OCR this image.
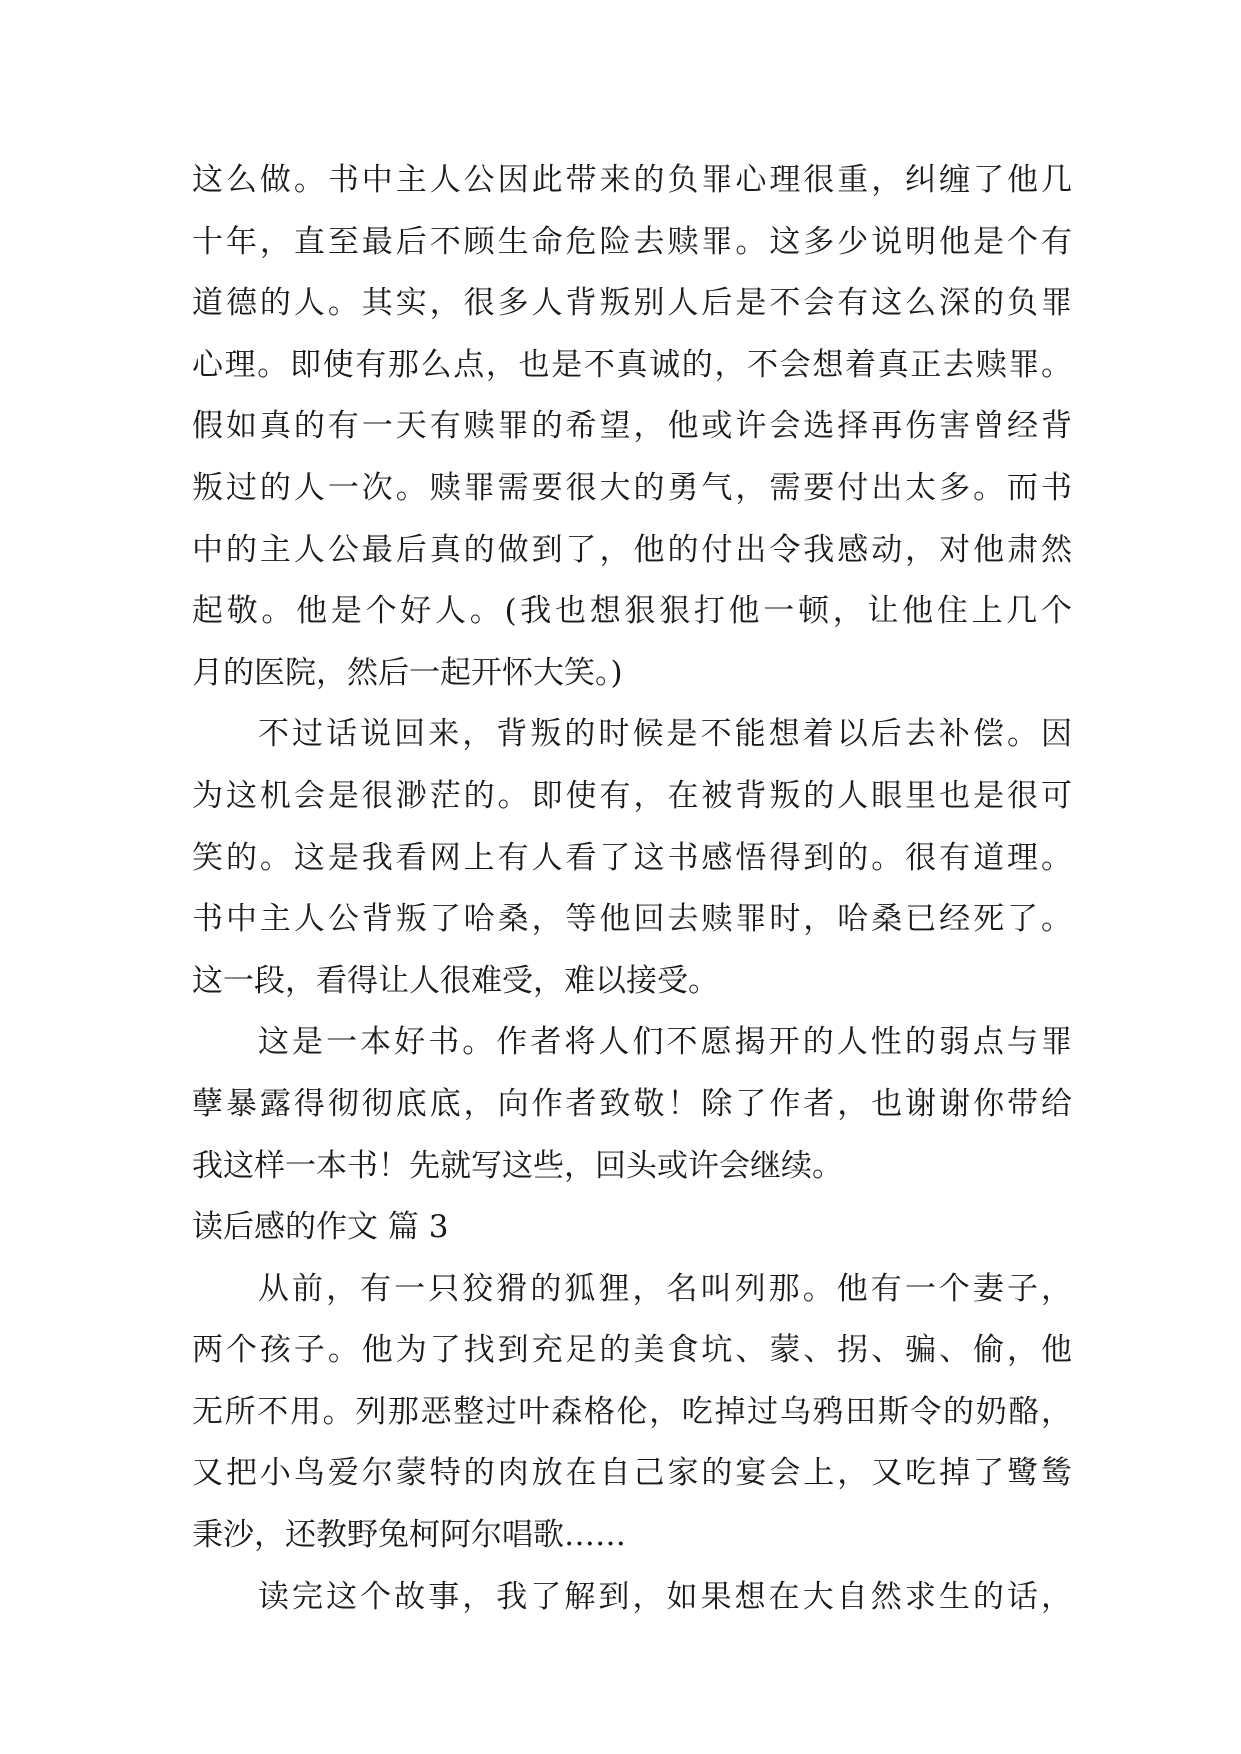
这么做。书中主人公因此带来的负罪心理很重，纠缠了他几
十年，直至最后不顾生命危险去赎罪。这多少说明他是个有
道德的人。其实，很多人背叛别人后是不会有这么深的负罪
心理。即使有那么点，也是不真诚的，不会想着真正去赎罪。
假如真的有一天有赎罪的希望，他或许会选择再伤害曾经背
叛过的人一次。赎罪需要很大的勇气，需要付出太多。而书
中的主人公最后真的做到了，他的付出令我感动，对他肃然
起敬。他是个好人。(我也想狠狠打他一顿，让他住上几个
月的医院，然后一起开怀大笑。)
不过话说回来，背叛的时候是不能想着以后去补偿。因
为这机会是很渺茫的。即使有，在被背叛的人眼里也是很可
笑的。这是我看网上有人看了这书感悟得到的。很有道理。
书中主人公背叛了哈桑，等他回去赎罪时，哈桑已经死了。
这一段，看得让人很难受，难以接受。
这是一本好书。作者将人们不愿揭开的人性的弱点与罪
孽暴露得彻彻底底，向作者致敬！除了作者，也谢谢你带给
我这样一本书！先就写这些，回头或许会继续。
读后感的作文 篇 3
从前，有一只狡猾的狐狸，名叫列那。他有一个妻子，
两个孩子。他为了找到充足的美食坑、蒙、拐、骗、偷，他
无所不用。列那恶整过叶森格伦，吃掉过乌鸦田斯令的奶酪，
又把小鸟爱尔蒙特的肉放在自己家的宴会上，又吃掉了鹭鸶
秉沙，还教野兔柯阿尔唱歌……
读完这个故事，我了解到，如果想在大自然求生的话，
